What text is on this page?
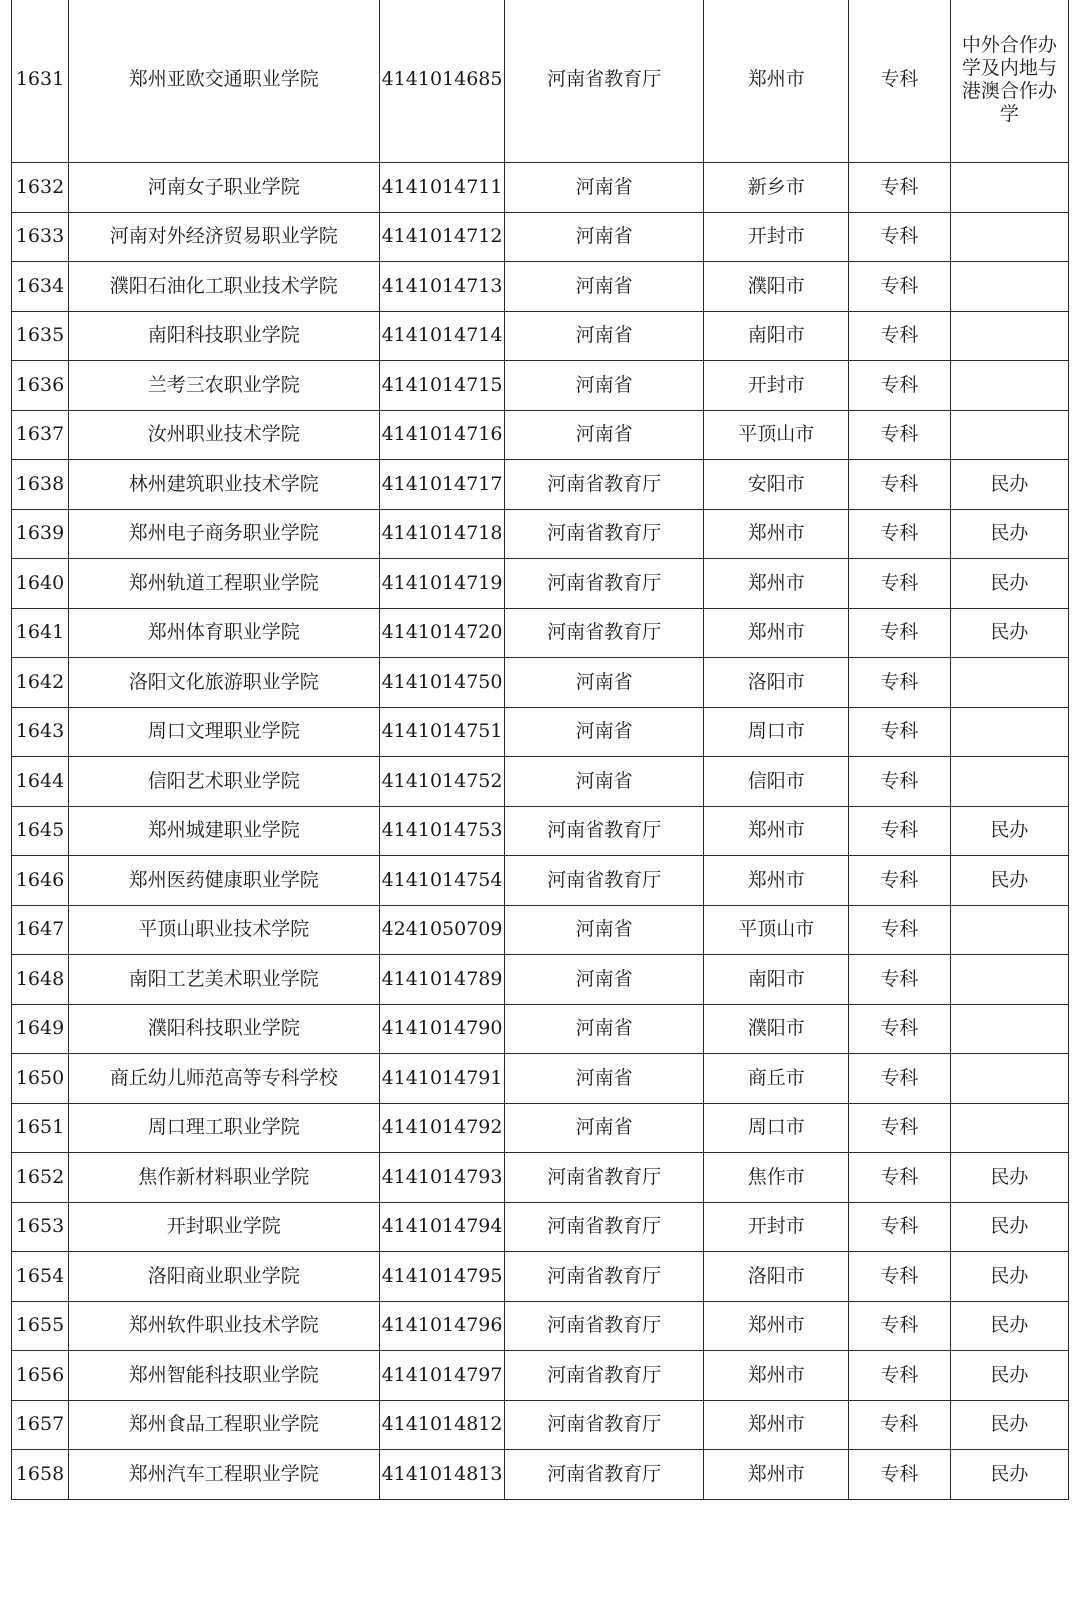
1631	郑州亚欧交通职业学院	4141014685	河南省教育厅	郑州市	专科	中外合作办学及内地与港澳合作办学
1632	河南女子职业学院	4141014711	河南省	新乡市	专科	
1633	河南对外经济贸易职业学院	4141014712	河南省	开封市	专科	
1634	濮阳石油化工职业技术学院	4141014713	河南省	濮阳市	专科	
1635	南阳科技职业学院	4141014714	河南省	南阳市	专科	
1636	兰考三农职业学院	4141014715	河南省	开封市	专科	
1637	汝州职业技术学院	4141014716	河南省	平顶山市	专科	
1638	林州建筑职业技术学院	4141014717	河南省教育厅	安阳市	专科	民办
1639	郑州电子商务职业学院	4141014718	河南省教育厅	郑州市	专科	民办
1640	郑州轨道工程职业学院	4141014719	河南省教育厅	郑州市	专科	民办
1641	郑州体育职业学院	4141014720	河南省教育厅	郑州市	专科	民办
1642	洛阳文化旅游职业学院	4141014750	河南省	洛阳市	专科	
1643	周口文理职业学院	4141014751	河南省	周口市	专科	
1644	信阳艺术职业学院	4141014752	河南省	信阳市	专科	
1645	郑州城建职业学院	4141014753	河南省教育厅	郑州市	专科	民办
1646	郑州医药健康职业学院	4141014754	河南省教育厅	郑州市	专科	民办
1647	平顶山职业技术学院	4241050709	河南省	平顶山市	专科	
1648	南阳工艺美术职业学院	4141014789	河南省	南阳市	专科	
1649	濮阳科技职业学院	4141014790	河南省	濮阳市	专科	
1650	商丘幼儿师范高等专科学校	4141014791	河南省	商丘市	专科	
1651	周口理工职业学院	4141014792	河南省	周口市	专科	
1652	焦作新材料职业学院	4141014793	河南省教育厅	焦作市	专科	民办
1653	开封职业学院	4141014794	河南省教育厅	开封市	专科	民办
1654	洛阳商业职业学院	4141014795	河南省教育厅	洛阳市	专科	民办
1655	郑州软件职业技术学院	4141014796	河南省教育厅	郑州市	专科	民办
1656	郑州智能科技职业学院	4141014797	河南省教育厅	郑州市	专科	民办
1657	郑州食品工程职业学院	4141014812	河南省教育厅	郑州市	专科	民办
1658	郑州汽车工程职业学院	4141014813	河南省教育厅	郑州市	专科	民办
